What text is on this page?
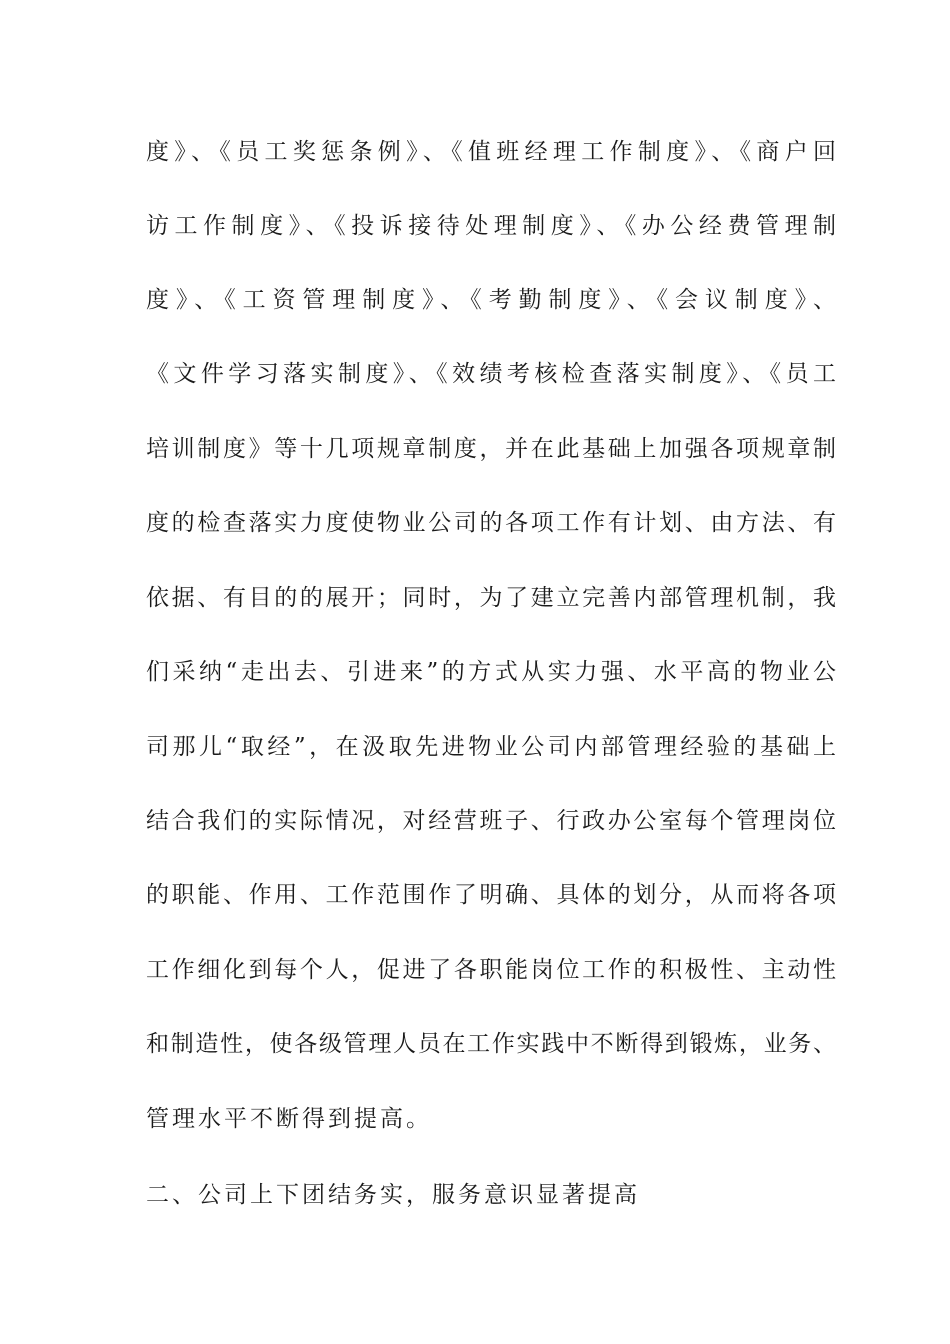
度》、《员工奖惩条例》、《值班经理工作制度》、《商户回
访工作制度》、《投诉接待处理制度》、《办公经费管理制
度》、《工资管理制度》、《考勤制度》、《会议制度》、
《文件学习落实制度》、《效绩考核检查落实制度》、《员工
培训制度》等十几项规章制度，并在此基础上加强各项规章制
度的检查落实力度使物业公司的各项工作有计划、由方法、有
依据、有目的的展开；同时，为了建立完善内部管理机制，我
们采纳“走出去、引进来”的方式从实力强、水平高的物业公
司那儿“取经”，在汲取先进物业公司内部管理经验的基础上
结合我们的实际情况，对经营班子、行政办公室每个管理岗位
的职能、作用、工作范围作了明确、具体的划分，从而将各项
工作细化到每个人，促进了各职能岗位工作的积极性、主动性
和制造性，使各级管理人员在工作实践中不断得到锻炼，业务、
管理水平不断得到提高。
二、公司上下团结务实，服务意识显著提高
